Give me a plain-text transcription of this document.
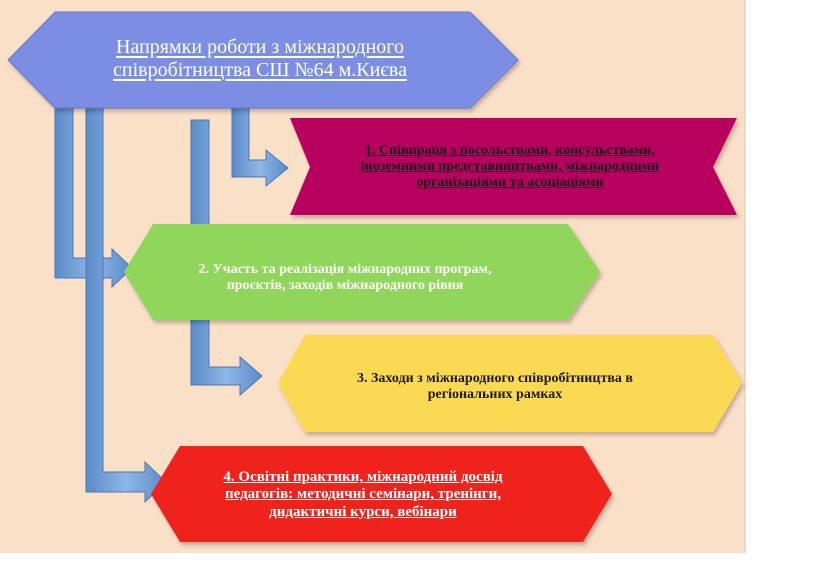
Напрямки роботи з міжнародного
співробітництва СШ №64 м.Києва
1. Співпраця з посольствами, консульствами,
іноземними представництвами, міжнародними
організаціями та асоціаціями
2. Участь та реалізація міжнародних програм,
проєктів, заходів міжнародного рівня
3. Заходи з міжнародного співробітництва в
регіональних рамках
4. Освітні практики, міжнародний досвід
педагогів: методичні семінари, тренінги,
дидактичні курси, вебінари
